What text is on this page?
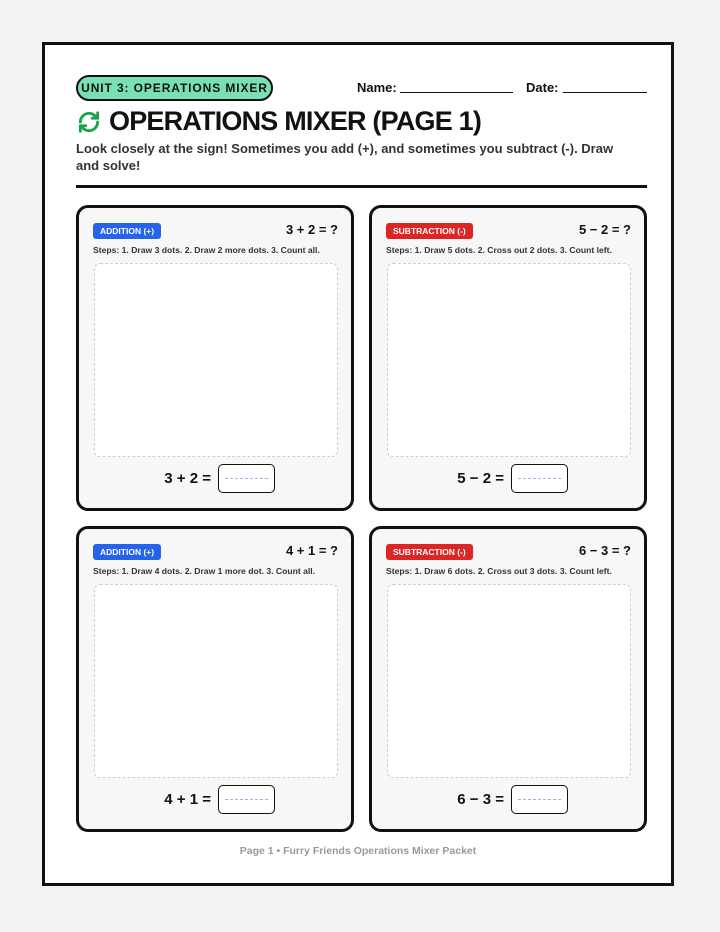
UNIT 3: OPERATIONS MIXER	Name:	Date:
OPERATIONS MIXER (PAGE 1)
Look closely at the sign! Sometimes you add (+), and sometimes you subtract (-). Draw and solve!
ADDITION (+)	3 + 2 = ?
Steps: 1. Draw 3 dots. 2. Draw 2 more dots. 3. Count all.
3 + 2 =
SUBTRACTION (-)	5 − 2 = ?
Steps: 1. Draw 5 dots. 2. Cross out 2 dots. 3. Count left.
5 − 2 =
ADDITION (+)	4 + 1 = ?
Steps: 1. Draw 4 dots. 2. Draw 1 more dot. 3. Count all.
4 + 1 =
SUBTRACTION (-)	6 − 3 = ?
Steps: 1. Draw 6 dots. 2. Cross out 3 dots. 3. Count left.
6 − 3 =
Page 1 • Furry Friends Operations Mixer Packet
